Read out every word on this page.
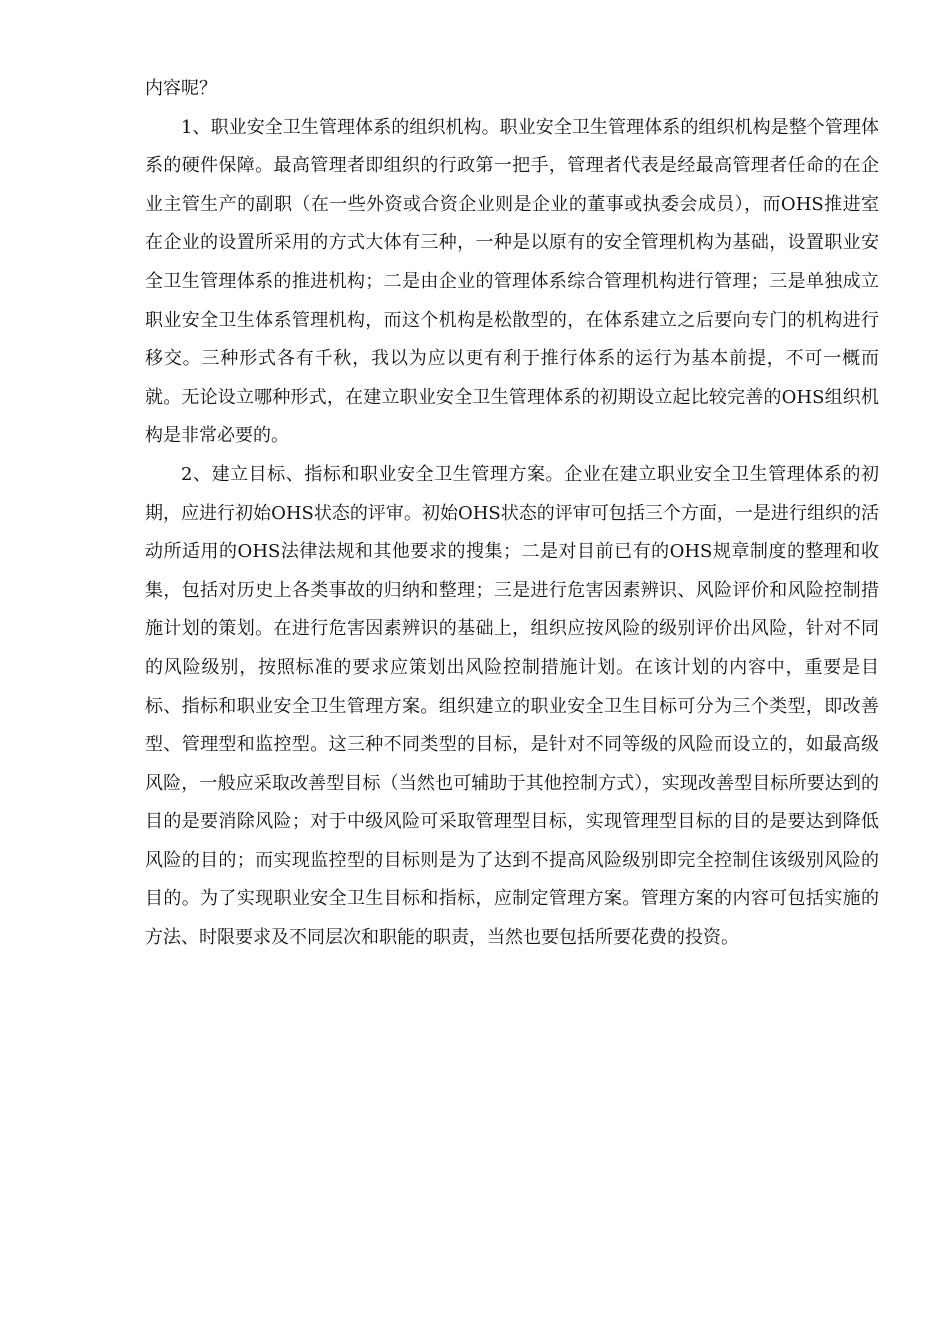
内容呢？

1、职业安全卫生管理体系的组织机构。职业安全卫生管理体系的组织机构是整个管理体系的硬件保障。最高管理者即组织的行政第一把手，管理者代表是经最高管理者任命的在企业主管生产的副职（在一些外资或合资企业则是企业的董事或执委会成员），而OHS推进室在企业的设置所采用的方式大体有三种，一种是以原有的安全管理机构为基础，设置职业安全卫生管理体系的推进机构；二是由企业的管理体系综合管理机构进行管理；三是单独成立职业安全卫生体系管理机构，而这个机构是松散型的，在体系建立之后要向专门的机构进行移交。三种形式各有千秋，我以为应以更有利于推行体系的运行为基本前提，不可一概而就。无论设立哪种形式，在建立职业安全卫生管理体系的初期设立起比较完善的OHS组织机构是非常必要的。

2、建立目标、指标和职业安全卫生管理方案。企业在建立职业安全卫生管理体系的初期，应进行初始OHS状态的评审。初始OHS状态的评审可包括三个方面，一是进行组织的活动所适用的OHS法律法规和其他要求的搜集；二是对目前已有的OHS规章制度的整理和收集，包括对历史上各类事故的归纳和整理；三是进行危害因素辨识、风险评价和风险控制措施计划的策划。在进行危害因素辨识的基础上，组织应按风险的级别评价出风险，针对不同的风险级别，按照标准的要求应策划出风险控制措施计划。在该计划的内容中，重要是目标、指标和职业安全卫生管理方案。组织建立的职业安全卫生目标可分为三个类型，即改善型、管理型和监控型。这三种不同类型的目标，是针对不同等级的风险而设立的，如最高级风险，一般应采取改善型目标（当然也可辅助于其他控制方式），实现改善型目标所要达到的目的是要消除风险；对于中级风险可采取管理型目标，实现管理型目标的目的是要达到降低风险的目的；而实现监控型的目标则是为了达到不提高风险级别即完全控制住该级别风险的目的。为了实现职业安全卫生目标和指标，应制定管理方案。管理方案的内容可包括实施的方法、时限要求及不同层次和职能的职责，当然也要包括所要花费的投资。
